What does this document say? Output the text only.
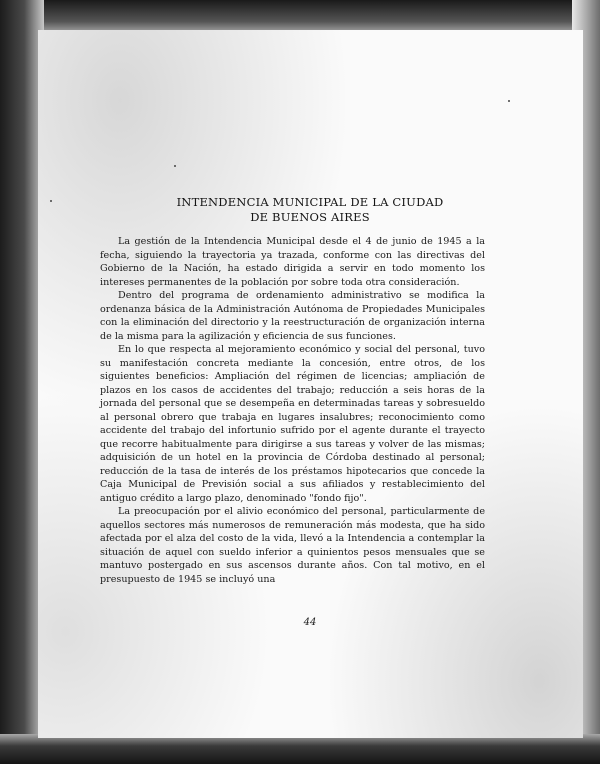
INTENDENCIA MUNICIPAL DE LA CIUDAD
DE BUENOS AIRES

La gestión de la Intendencia Municipal desde el 4 de junio de 1945 a la fecha, siguiendo la trayectoria ya trazada, conforme con las directivas del Gobierno de la Nación, ha estado dirigida a servir en todo momento los intereses permanentes de la población por sobre toda otra consideración.

Dentro del programa de ordenamiento administrativo se modifica la ordenanza básica de la Administración Autónoma de Propiedades Municipales con la eliminación del directorio y la reestructuración de organización interna de la misma para la agilización y eficiencia de sus funciones.

En lo que respecta al mejoramiento económico y social del personal, tuvo su manifestación concreta mediante la concesión, entre otros, de los siguientes beneficios: Ampliación del régimen de licencias; ampliación de plazos en los casos de accidentes del trabajo; reducción a seis horas de la jornada del personal que se desempeña en determinadas tareas y sobresueldo al personal obrero que trabaja en lugares insalubres; reconocimiento como accidente del trabajo del infortunio sufrido por el agente durante el trayecto que recorre habitualmente para dirigirse a sus tareas y volver de las mismas; adquisición de un hotel en la provincia de Córdoba destinado al personal; reducción de la tasa de interés de los préstamos hipotecarios que concede la Caja Municipal de Previsión social a sus afiliados y restablecimiento del antiguo crédito a largo plazo, denominado "fondo fijo".

La preocupación por el alivio económico del personal, particularmente de aquellos sectores más numerosos de remuneración más modesta, que ha sido afectada por el alza del costo de la vida, llevó a la Intendencia a contemplar la situación de aquel con sueldo inferior a quinientos pesos mensuales que se mantuvo postergado en sus ascensos durante años. Con tal motivo, en el presupuesto de 1945 se incluyó una

44
